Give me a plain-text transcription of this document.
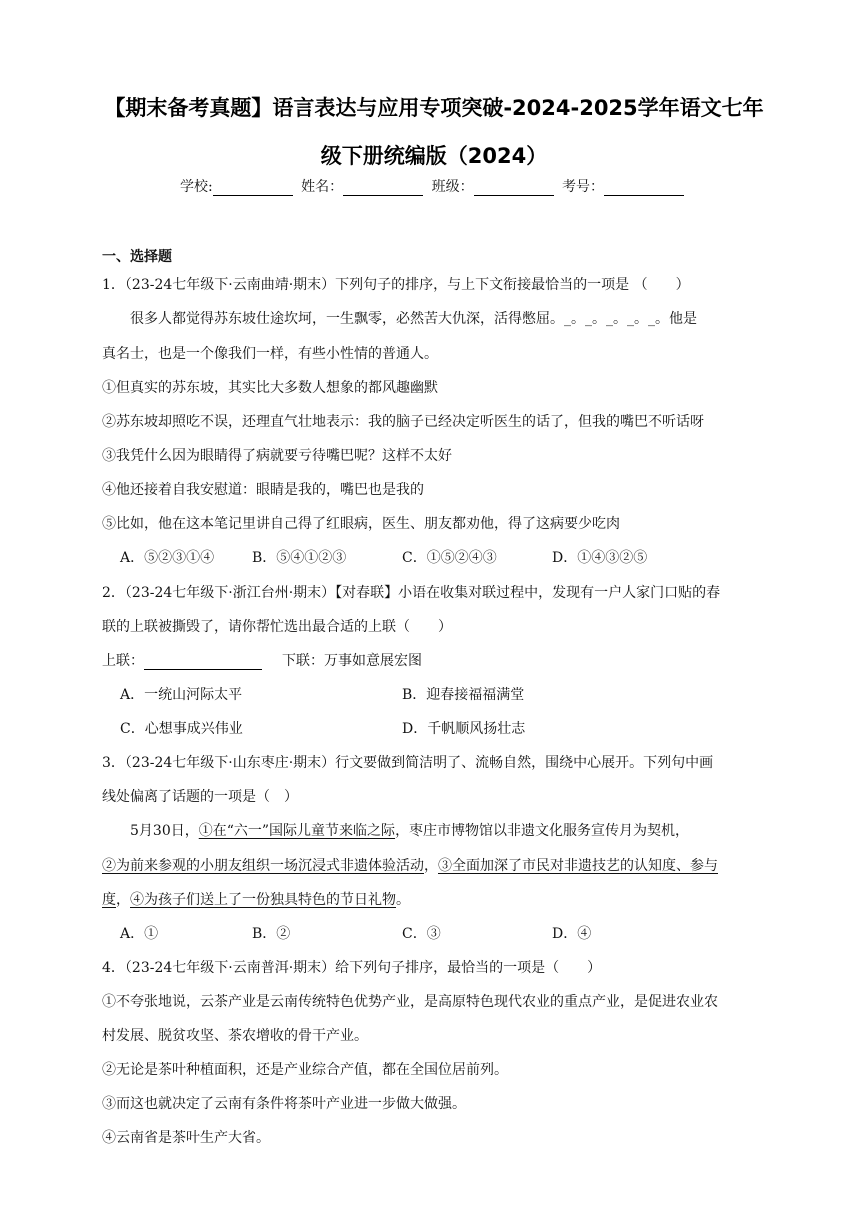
【期末备考真题】语言表达与应用专项突破-2024-2025学年语文七年
级下册统编版（2024）
学校:	姓名：	班级：	考号：
一、选择题
1．（23-24七年级下·云南曲靖·期末）下列句子的排序，与上下文衔接最恰当的一项是 （　　）
很多人都觉得苏东坡仕途坎坷，一生飘零，必然苦大仇深，活得憋屈。_。_。_。_。_。他是
真名士，也是一个像我们一样，有些小性情的普通人。
①但真实的苏东坡，其实比大多数人想象的都风趣幽默
②苏东坡却照吃不误，还理直气壮地表示：我的脑子已经决定听医生的话了，但我的嘴巴不听话呀
③我凭什么因为眼睛得了病就要亏待嘴巴呢？这样不太好
④他还接着自我安慰道：眼睛是我的，嘴巴也是我的
⑤比如，他在这本笔记里讲自己得了红眼病，医生、朋友都劝他，得了这病要少吃肉
A．⑤②③①④	B．⑤④①②③	C．①⑤②④③	D．①④③②⑤
2．（23-24七年级下·浙江台州·期末）【对春联】小语在收集对联过程中，发现有一户人家门口贴的春
联的上联被撕毁了，请你帮忙选出最合适的上联（　　）
上联：	下联：万事如意展宏图
A．一统山河际太平	B．迎春接福福满堂
C．心想事成兴伟业	D．千帆顺风扬壮志
3．（23-24七年级下·山东枣庄·期末）行文要做到简洁明了、流畅自然，围绕中心展开。下列句中画
线处偏离了话题的一项是（　）
5月30日，①在“六一”国际儿童节来临之际，枣庄市博物馆以非遗文化服务宣传月为契机，
②为前来参观的小朋友组织一场沉浸式非遗体验活动，③全面加深了市民对非遗技艺的认知度、参与
度，④为孩子们送上了一份独具特色的节日礼物。
A．①	B．②	C．③	D．④
4．（23-24七年级下·云南普洱·期末）给下列句子排序，最恰当的一项是（　　）
①不夸张地说，云茶产业是云南传统特色优势产业，是高原特色现代农业的重点产业，是促进农业农
村发展、脱贫攻坚、茶农增收的骨干产业。
②无论是茶叶种植面积，还是产业综合产值，都在全国位居前列。
③而这也就决定了云南有条件将茶叶产业进一步做大做强。
④云南省是茶叶生产大省。
